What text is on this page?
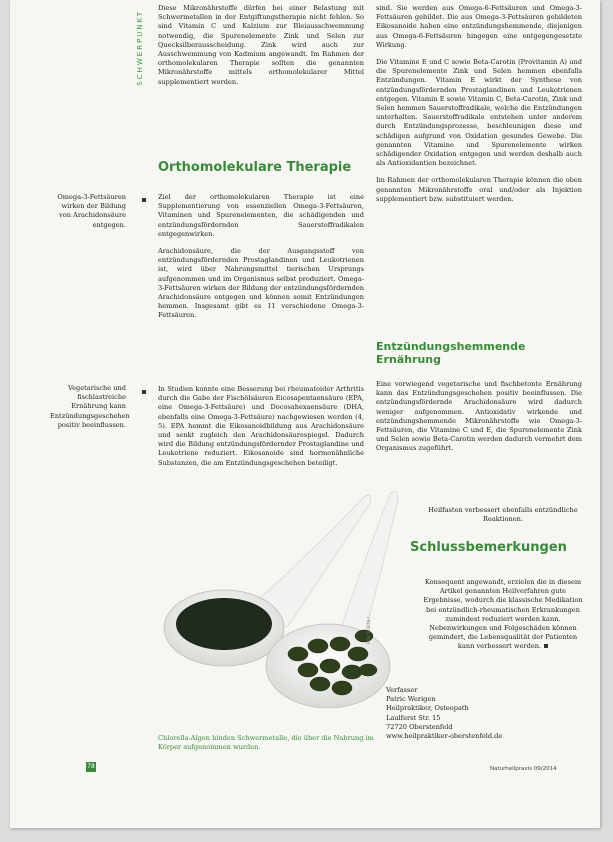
SCHWERPUNKT
Diese Mikronährstoffe dürfen bei einer Belastung mit Schwermetallen in der Entgiftungstherapie nicht fehlen. So sind Vitamin C und Kalzium zur Bleiausschwemmung notwendig, die Spurenelemente Zink und Selen zur Quecksilberausscheidung. Zink wird auch zur Ausschwemmung von Kadmium angewandt. Im Rahmen der orthomolekularen Therapie sollten die genannten Mikronährstoffe mittels orthomolekularer Mittel supplementiert werden.
Orthomolekulare Therapie
Omega-3-Fettsäuren wirken der Bildung von Arachidonsäure entgegen.

Ziel der orthomolekularen Therapie ist eine Supplementierung von essenziellen Omega-3-Fettsäuren, Vitaminen und Spurenelementen, die schädigenden und entzündungsfördernden Sauerstoffradikalen entgegenwirken.

Arachidonsäure, die der Ausgangsstoff von entzündungsfördernden Prostaglandinen und Leukotrienen ist, wird über Nahrungsmittel tierischen Ursprungs aufgenommen und im Organismus selbst produziert. Omega-3-Fettsäuren wirken der Bildung der entzündungsfördernden Arachidonsäure entgegen und können somit Entzündungen hemmen. Insgesamt gibt es 11 verschiedene Omega-3-Fettsäuren.

Vegetarische und fischlastreiche Ernährung kann Entzündungsgeschehen positiv beeinflussen.
In Studien konnte eine Besserung bei rheumatoider Arthritis durch die Gabe der Fischölsäuren Eicosapentaensäure (EPA, eine Omega-3-Fettsäure) und Docosahexaensäure (DHA, ebenfalls eine Omega-3-Fettsäure) nachgewiesen werden (4, 5). EPA hemmt die Eikosanoidbildung aus Arachidonsäure und senkt zugleich den Arachidonsäurespiegel. Dadurch wird die Bildung entzündungsfördernder Prostaglandine und Leukotriene reduziert. Eikosanoide sind hormonähnliche Substanzen, die am Entzündungsgeschehen beteiligt.

sind. Sie werden aus Omega-6-Fettsäuren und Omega-3-Fettsäuren gebildet. Die aus Omega-3-Fettsäuren gebildeten Eikosanoide haben eine entzündungshemmende, diejenigen aus Omega-6-Fettsäuren hingegen eine entgegengesetzte Wirkung.

Die Vitamine E und C sowie Beta-Carotin (Provitamin A) und die Spurenelemente Zink und Selen hemmen ebenfalls Entzündungen. Vitamin E wirkt der Synthese von entzündungsfördernden Prostaglandinen und Leukotrienen entgegen. Vitamin E sowie Vitamin C, Beta-Carotin, Zink und Selen hemmen Sauerstoffradikale, welche die Entzündungen unterhalten. Sauerstoffradikale entstehen unter anderem durch Entzündungsprozesse, beschleunigen diese und schädigen aufgrund von Oxidation gesundes Gewebe. Die genannten Vitamine und Spurenelemente wirken schädigender Oxidation entgegen und werden deshalb auch als Antioxidantien bezeichnet.

Im Rahmen der orthomolekularen Therapie können die oben genannten Mikronährstoffe oral und/oder als Injektion supplementiert bzw. substituiert werden.

Entzündungshemmende Ernährung

Eine vorwiegend vegetarische und fischbetonte Ernährung kann das Entzündungsgeschehen positiv beeinflussen. Die entzündungsfördernde Arachidonsäure wird dadurch weniger aufgenommen. Antioxidativ wirkende und entzündungshemmende Mikronährstoffe wie Omega-3-Fettsäuren, die Vitamine C und E, die Spurenelemente Zink und Selen sowie Beta-Carotin werden dadurch vermehrt dem Organismus zugeführt.

Heilfasten verbessert ebenfalls entzündliche Reaktionen.
Schlussbemerkungen
Konsequent angewandt, erzielen die in diesem Artikel genannten Heilverfahren gute Ergebnisse, wodurch die klassische Medikation bei entzündlich-rheumatischen Erkrankungen zumindest reduziert werden kann. Nebenwirkungen und Folgeschäden können gemindert, die Lebensqualität der Patienten kann verbessert werden.
Foto: Fotolia / ...
Chlorella-Algen binden Schwermetalle, die über die Nahrung im Körper aufgenommen wurden.
Verfasser
Patric Werigen
Heilpraktiker, Osteopath
Laulferst Str. 15
72720 Oberstenfeld
www.heilpraktiker-oberstenfeld.de
78	Naturheilpraxis 09/2014
